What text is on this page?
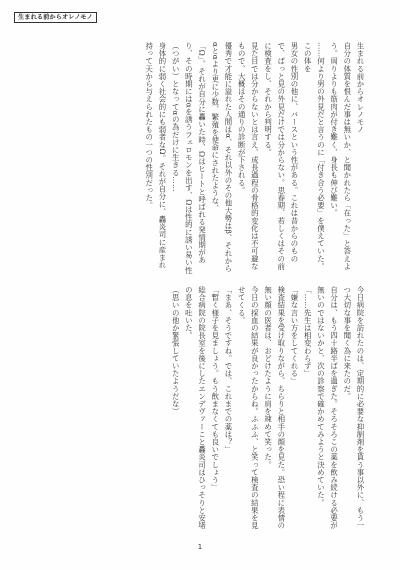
生まれる前からオレノモノ

生まれる前からオレノモノ

自分の体質を恨んだ事は無いか、と聞かれたら「在った」と答えよう。周りよりも筋肉が付き難く、身長も伸び難い。

……何より男の外見だと言うのに「付き合う必要」を僕えていた。この体を

男女の性別の他に、バースという性がある。これは昔からのもので、ぱっと見の外見だけでは分からない。思春期、若しくはその前に検査をし、それから判明する。

見た目では分からないとは言え、成長過程の骨格的変化は不可避なもので、大概はその通りの診断が下される。

優秀で才能に溢れた人間はα、それ以外のその他大勢はβ、それからαとαより更に少数、繁殖を使命にされたような、

「Ω」。それが自分に轟いた時、Ωはヒートと呼ばれる発情期があり、その時期にはαを誘うフェロモンを出す、Ωは性的に誘い易い性（つがい）となってαの為だけに生きる……

身体的に弱く社会的にも弱者なΩ。それが自分に、轟炎司に産まれ持って天から与えられたもの一つの性別だった。

今日病院を訪れたのは、定期的に必要な抑制剤を貰う事以外に、もう一つ大切な事を聞く為に来たのだ。

自分は、もう四十路半ばを過ぎた。そろそろこの薬を飲み続ける必要が無いのではないかと、次の診察で確かめてみようと決めていた。

「……先生は相変わらず」

「嫌な言い方をしてくれる」

検査結果を受け取りながら、ちらりと相手の顔を見た。恐い程に表情の無い顔の医者は、おどけたように肩を竦めて笑った。

今日の採血の結果が良かったからね。ふふふ、と笑って検査の結果を見せてくる。

「まあ、そうですね。では、これまでの薬は？」

「暫く様子を見ましょう。もう飲まなくても良いでしょう」

総合病院の院長室を後にしたエンデヴァーこと轟炎司はひっそりと安堵の息を吐いた。

（思いの他か緊張していたようだな）

1
